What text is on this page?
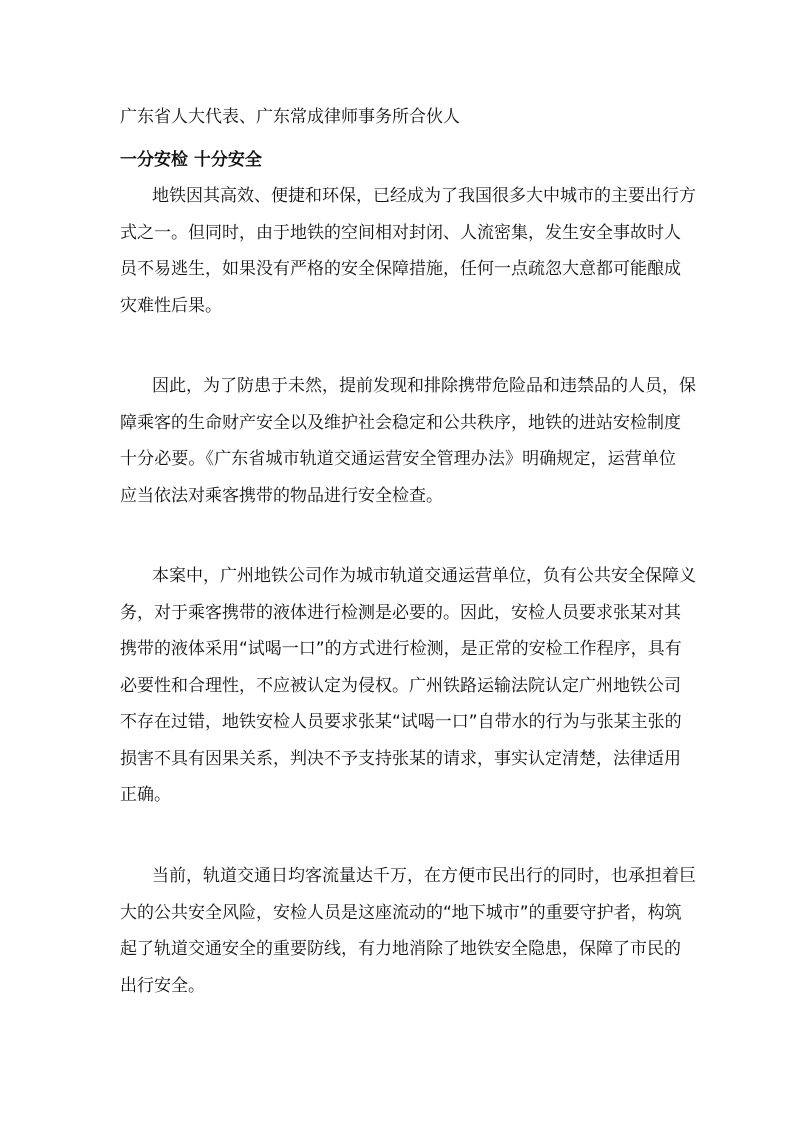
广东省人大代表、广东常成律师事务所合伙人
一分安检 十分安全
地铁因其高效、便捷和环保，已经成为了我国很多大中城市的主要出行方
式之一。但同时，由于地铁的空间相对封闭、人流密集，发生安全事故时人
员不易逃生，如果没有严格的安全保障措施，任何一点疏忽大意都可能酿成
灾难性后果。
因此，为了防患于未然，提前发现和排除携带危险品和违禁品的人员，保
障乘客的生命财产安全以及维护社会稳定和公共秩序，地铁的进站安检制度
十分必要。《广东省城市轨道交通运营安全管理办法》明确规定，运营单位
应当依法对乘客携带的物品进行安全检查。
本案中，广州地铁公司作为城市轨道交通运营单位，负有公共安全保障义
务，对于乘客携带的液体进行检测是必要的。因此，安检人员要求张某对其
携带的液体采用“试喝一口”的方式进行检测，是正常的安检工作程序，具有
必要性和合理性，不应被认定为侵权。广州铁路运输法院认定广州地铁公司
不存在过错，地铁安检人员要求张某“试喝一口”自带水的行为与张某主张的
损害不具有因果关系，判决不予支持张某的请求，事实认定清楚，法律适用
正确。
当前，轨道交通日均客流量达千万，在方便市民出行的同时，也承担着巨
大的公共安全风险，安检人员是这座流动的“地下城市”的重要守护者，构筑
起了轨道交通安全的重要防线，有力地消除了地铁安全隐患，保障了市民的
出行安全。
